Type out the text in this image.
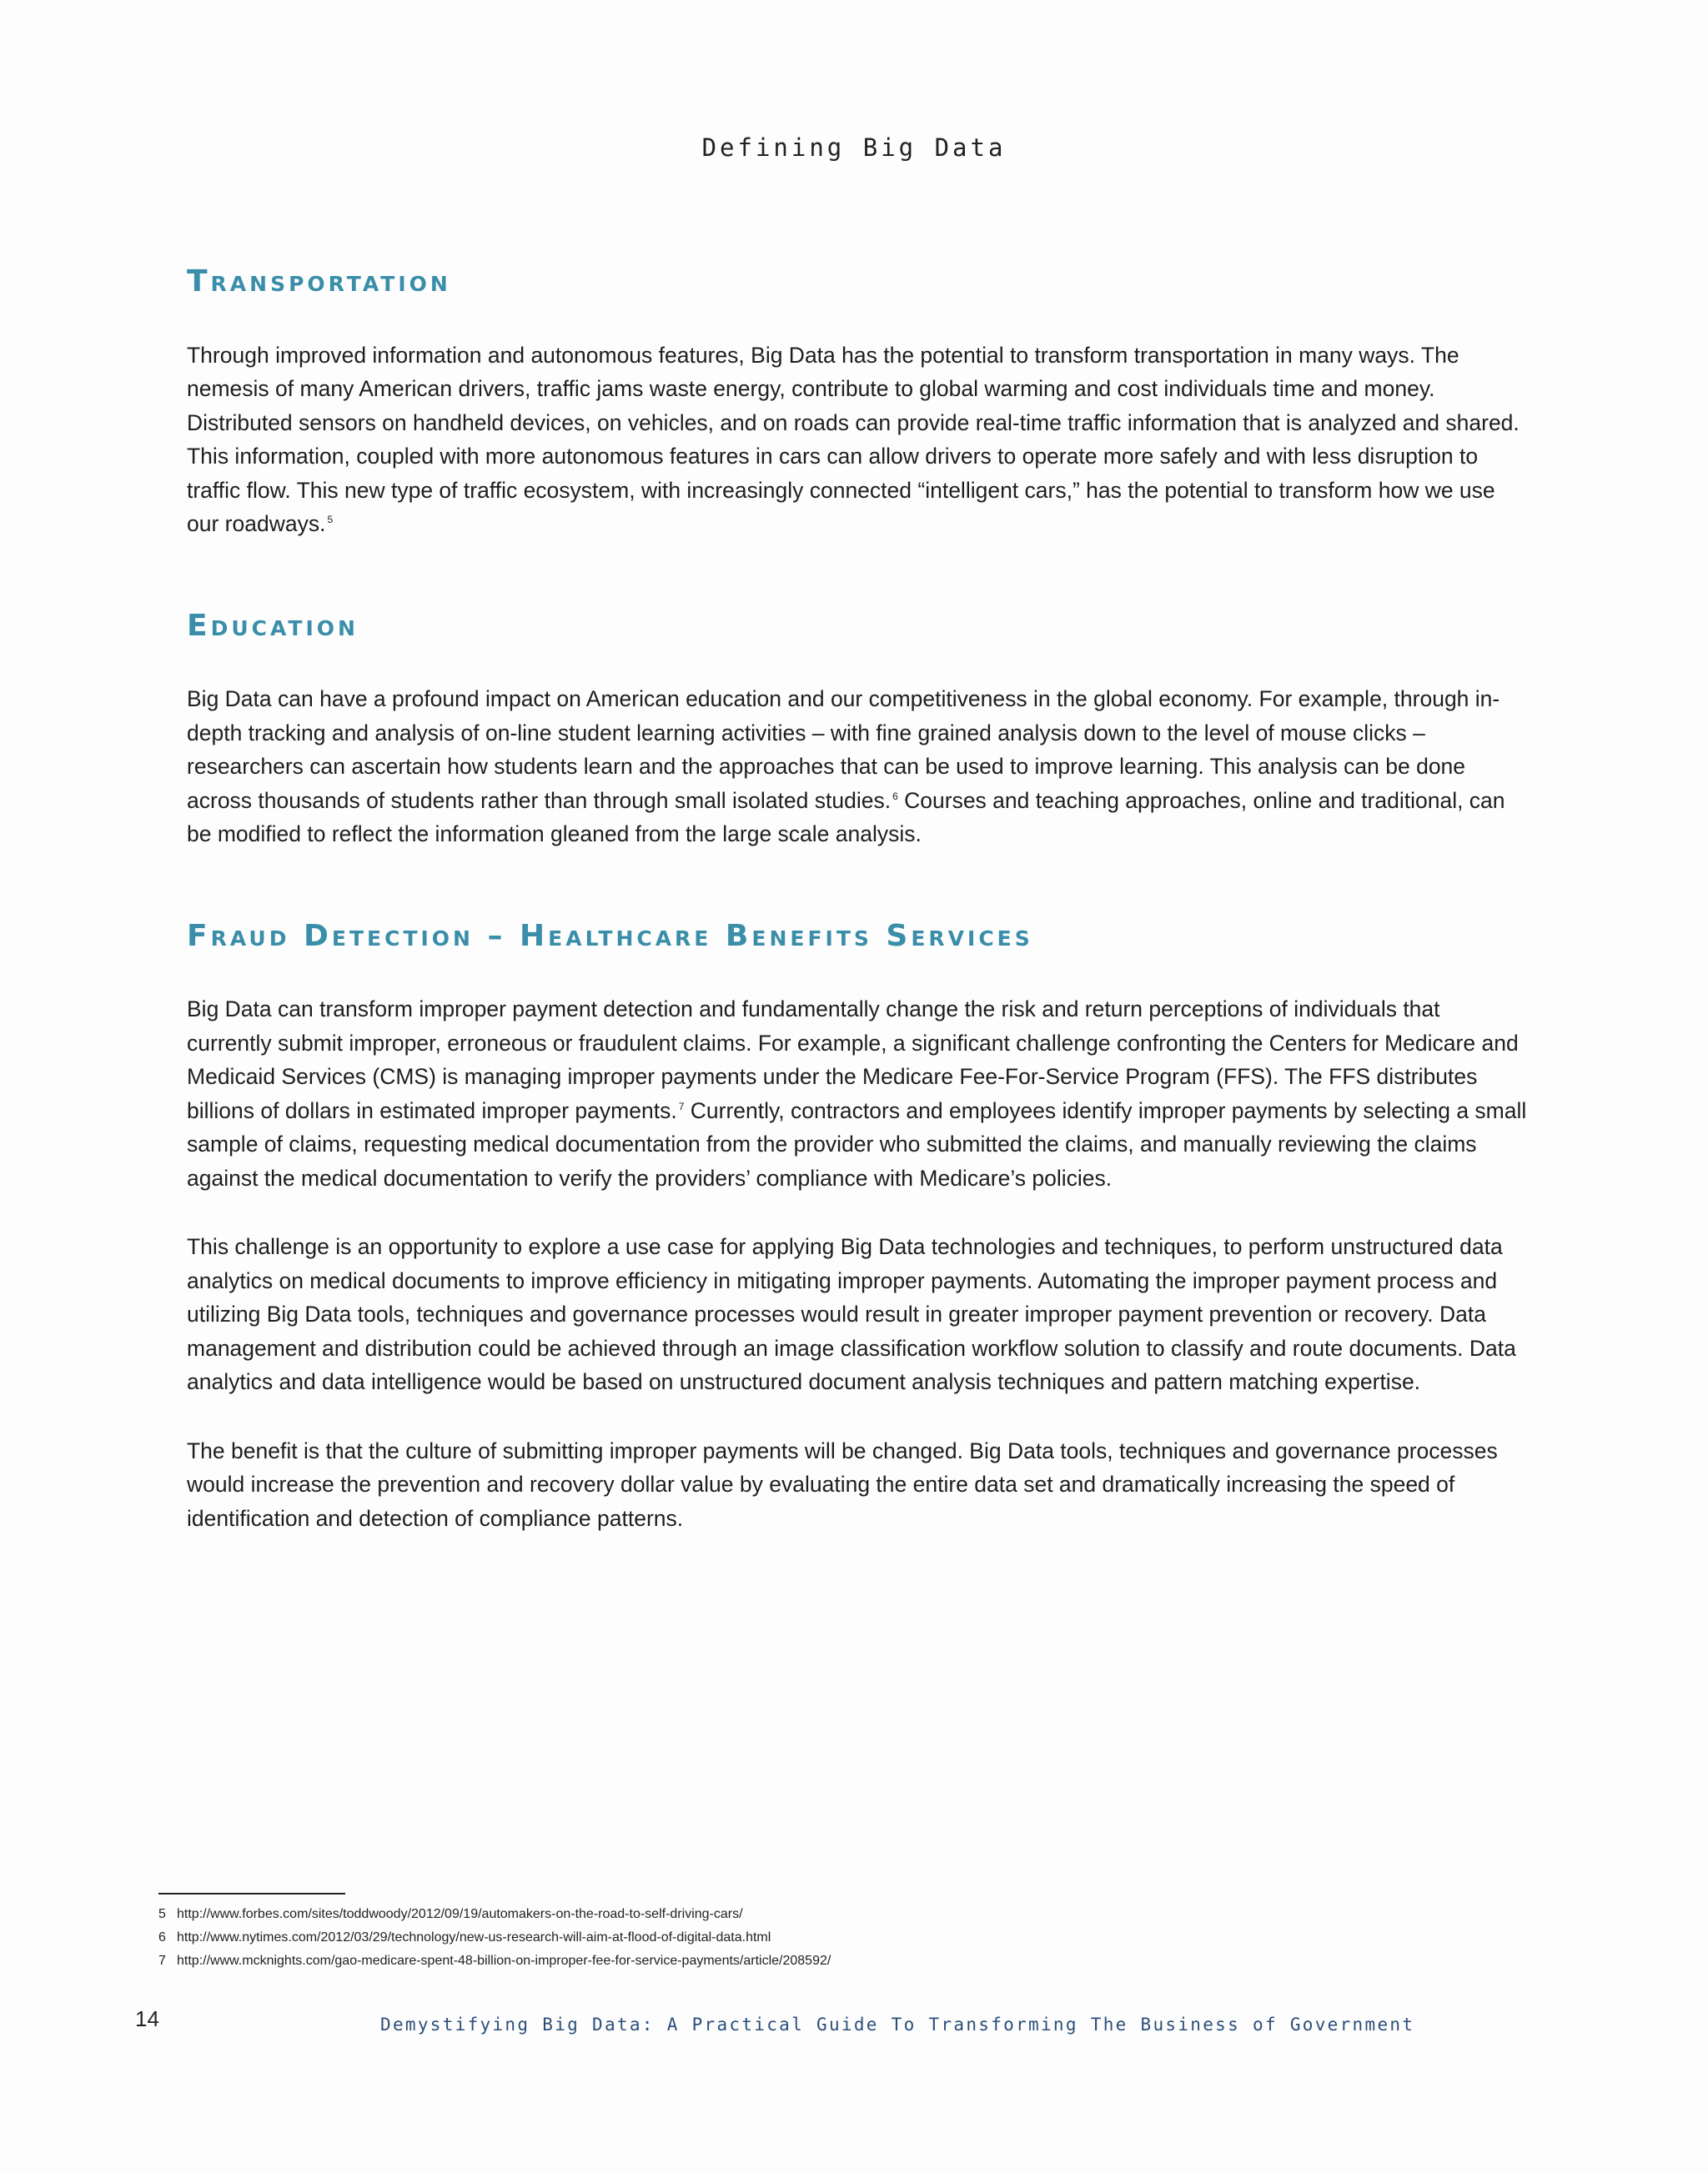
Defining Big Data
Transportation

Through improved information and autonomous features, Big Data has the potential to transform transportation in many ways. The nemesis of many American drivers, traffic jams waste energy, contribute to global warming and cost individuals time and money. Distributed sensors on handheld devices, on vehicles, and on roads can provide real-time traffic information that is analyzed and shared. This information, coupled with more autonomous features in cars can allow drivers to operate more safely and with less disruption to traffic flow. This new type of traffic ecosystem, with increasingly connected “intelligent cars,” has the potential to transform how we use our roadways. $^5$

Education

Big Data can have a profound impact on American education and our competitiveness in the global economy. For example, through in-depth tracking and analysis of on-line student learning activities – with fine grained analysis down to the level of mouse clicks – researchers can ascertain how students learn and the approaches that can be used to improve learning. This analysis can be done across thousands of students rather than through small isolated studies. $^6$ Courses and teaching approaches, online and traditional, can be modified to reflect the information gleaned from the large scale analysis.

Fraud Detection – Healthcare Benefits Services

Big Data can transform improper payment detection and fundamentally change the risk and return perceptions of individuals that currently submit improper, erroneous or fraudulent claims. For example, a significant challenge confronting the Centers for Medicare and Medicaid Services (CMS) is managing improper payments under the Medicare Fee-For-Service Program (FFS). The FFS distributes billions of dollars in estimated improper payments. $^7$ Currently, contractors and employees identify improper payments by selecting a small sample of claims, requesting medical documentation from the provider who submitted the claims, and manually reviewing the claims against the medical documentation to verify the providers’ compliance with Medicare’s policies.

This challenge is an opportunity to explore a use case for applying Big Data technologies and techniques, to perform unstructured data analytics on medical documents to improve efficiency in mitigating improper payments. Automating the improper payment process and utilizing Big Data tools, techniques and governance processes would result in greater improper payment prevention or recovery. Data management and distribution could be achieved through an image classification workflow solution to classify and route documents. Data analytics and data intelligence would be based on unstructured document analysis techniques and pattern matching expertise.

The benefit is that the culture of submitting improper payments will be changed. Big Data tools, techniques and governance processes would increase the prevention and recovery dollar value by evaluating the entire data set and dramatically increasing the speed of identification and detection of compliance patterns.

5 http://www.forbes.com/sites/toddwoody/2012/09/19/automakers-on-the-road-to-self-driving-cars/
6 http://www.nytimes.com/2012/03/29/technology/new-us-research-will-aim-at-flood-of-digital-data.html
7 http://www.mcknights.com/gao-medicare-spent-48-billion-on-improper-fee-for-service-payments/article/208592/
14	Demystifying Big Data: A Practical Guide To Transforming The Business of Government
